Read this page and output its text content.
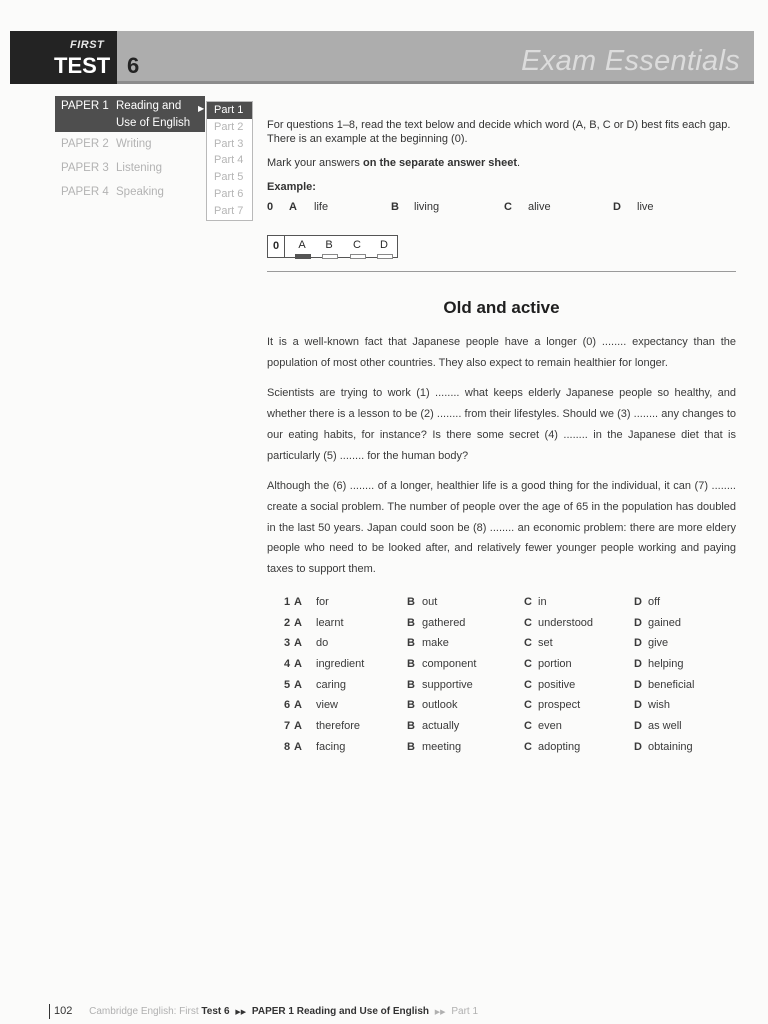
FIRST
TEST 6	Exam Essentials
PAPER 1 Reading and
Use of English
▶
PAPER 2 Writing
PAPER 3 Listening
PAPER 4 Speaking
Part 1
Part 2
Part 3
Part 4
Part 5
Part 6
Part 7

For questions 1–8, read the text below and decide which word (A, B, C or D) best fits each gap. There is an example at the beginning (0).

Mark your answers on the separate answer sheet.

Example:

0 A life	B living	C alive	D live
0	A	B	C D
Old and active

It is a well-known fact that Japanese people have a longer (0) ........ expectancy than the population of most other countries. They also expect to remain healthier for longer.

Scientists are trying to work (1) ........ what keeps elderly Japanese people so healthy, and whether there is a lesson to be (2) ........ from their lifestyles. Should we (3) ........ any changes to our eating habits, for instance? Is there some secret (4) ........ in the Japanese diet that is particularly (5) ........ for the human body?

Although the (6) ........ of a longer, healthier life is a good thing for the individual, it can (7) ........ create a social problem. The number of people over the age of 65 in the population has doubled in the last 50 years. Japan could soon be (8) ........ an economic problem: there are more eldery people who need to be looked after, and relatively fewer younger people working and paying taxes to support them.

1 A for	B out	C in	D off
2 A learnt	B gathered	C understood	D gained
3 A do	B make	C set	D give
4 A ingredient	B component	C portion	D helping
5 A caring	B supportive	C positive	D beneficial
6 A view	B outlook	C prospect	D wish
7 A therefore	B actually	C even	D as well
8 A facing	B meeting	C adopting	D obtaining
102 Cambridge English: First Test 6 ▶▶ PAPER 1 Reading and Use of English ▶▶ Part 1
